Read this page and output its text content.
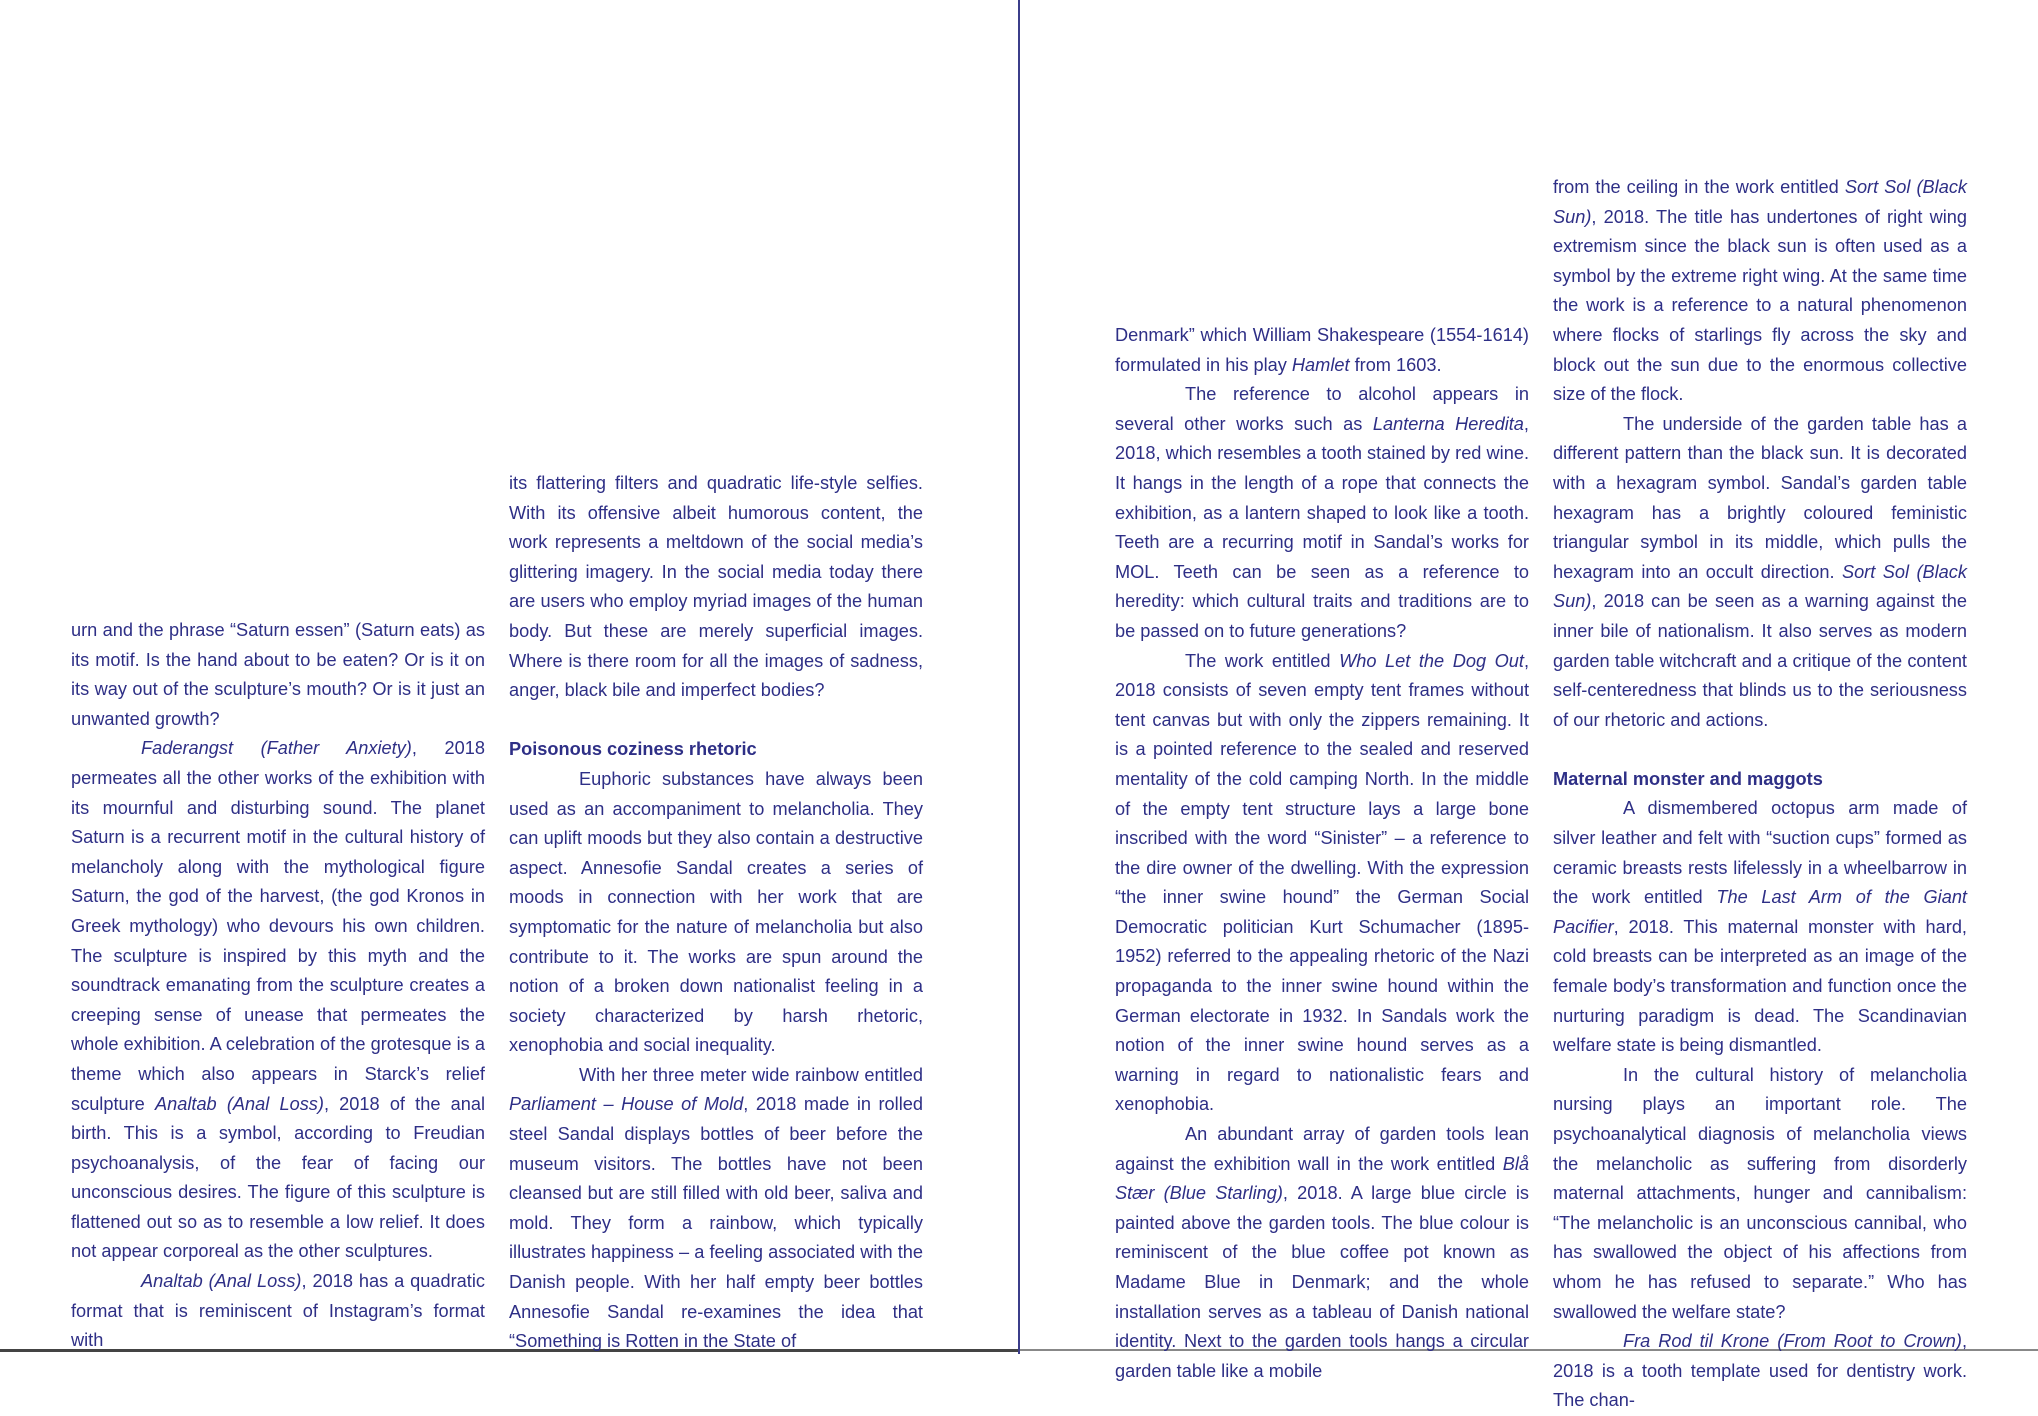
urn and the phrase “Saturn essen” (Saturn eats) as its motif. Is the hand about to be eaten? Or is it on its way out of the sculpture’s mouth? Or is it just an unwanted growth?

Faderangst (Father Anxiety), 2018 permeates all the other works of the exhibition with its mournful and disturbing sound. The planet Saturn is a recurrent motif in the cultural history of melancholy along with the mythological figure Saturn, the god of the harvest, (the god Kronos in Greek mythology) who devours his own children. The sculpture is inspired by this myth and the soundtrack emanating from the sculpture creates a creeping sense of unease that permeates the whole exhibition. A celebration of the grotesque is a theme which also appears in Starck’s relief sculpture Analtab (Anal Loss), 2018 of the anal birth. This is a symbol, according to Freudian psychoanalysis, of the fear of facing our unconscious desires. The figure of this sculpture is flattened out so as to resemble a low relief. It does not appear corporeal as the other sculptures.

Analtab (Anal Loss), 2018 has a quadratic format that is reminiscent of Instagram’s format with

its flattering filters and quadratic life-style selfies. With its offensive albeit humorous content, the work represents a meltdown of the social media’s glittering imagery. In the social media today there are users who employ myriad images of the human body. But these are merely superficial images. Where is there room for all the images of sadness, anger, black bile and imperfect bodies?

Poisonous coziness rhetoric

Euphoric substances have always been used as an accompaniment to melancholia. They can uplift moods but they also contain a destructive aspect. Annesofie Sandal creates a series of moods in connection with her work that are symptomatic for the nature of melancholia but also contribute to it. The works are spun around the notion of a broken down nationalist feeling in a society characterized by harsh rhetoric, xenophobia and social inequality.

With her three meter wide rainbow entitled Parliament – House of Mold, 2018 made in rolled steel Sandal displays bottles of beer before the museum visitors. The bottles have not been cleansed but are still filled with old beer, saliva and mold. They form a rainbow, which typically illustrates happiness – a feeling associated with the Danish people. With her half empty beer bottles Annesofie Sandal re-examines the idea that “Something is Rotten in the State of

Denmark” which William Shakespeare (1554-1614) formulated in his play Hamlet from 1603.

The reference to alcohol appears in several other works such as Lanterna Heredita, 2018, which resembles a tooth stained by red wine. It hangs in the length of a rope that connects the exhibition, as a lantern shaped to look like a tooth. Teeth are a recurring motif in Sandal’s works for MOL. Teeth can be seen as a reference to heredity: which cultural traits and traditions are to be passed on to future generations?

The work entitled Who Let the Dog Out, 2018 consists of seven empty tent frames without tent canvas but with only the zippers remaining. It is a pointed reference to the sealed and reserved mentality of the cold camping North. In the middle of the empty tent structure lays a large bone inscribed with the word “Sinister” – a reference to the dire owner of the dwelling. With the expression “the inner swine hound” the German Social Democratic politician Kurt Schumacher (1895-1952) referred to the appealing rhetoric of the Nazi propaganda to the inner swine hound within the German electorate in 1932. In Sandals work the notion of the inner swine hound serves as a warning in regard to nationalistic fears and xenophobia.

An abundant array of garden tools lean against the exhibition wall in the work entitled Blå Stær (Blue Starling), 2018. A large blue circle is painted above the garden tools. The blue colour is reminiscent of the blue coffee pot known as Madame Blue in Denmark; and the whole installation serves as a tableau of Danish national identity. Next to the garden tools hangs a circular garden table like a mobile

from the ceiling in the work entitled Sort Sol (Black Sun), 2018. The title has undertones of right wing extremism since the black sun is often used as a symbol by the extreme right wing. At the same time the work is a reference to a natural phenomenon where flocks of starlings fly across the sky and block out the sun due to the enormous collective size of the flock.

The underside of the garden table has a different pattern than the black sun. It is decorated with a hexagram symbol. Sandal’s garden table hexagram has a brightly coloured feministic triangular symbol in its middle, which pulls the hexagram into an occult direction. Sort Sol (Black Sun), 2018 can be seen as a warning against the inner bile of nationalism. It also serves as modern garden table witchcraft and a critique of the content self-centeredness that blinds us to the seriousness of our rhetoric and actions.

Maternal monster and maggots

A dismembered octopus arm made of silver leather and felt with “suction cups” formed as ceramic breasts rests lifelessly in a wheelbarrow in the work entitled The Last Arm of the Giant Pacifier, 2018. This maternal monster with hard, cold breasts can be interpreted as an image of the female body’s transformation and function once the nurturing paradigm is dead. The Scandinavian welfare state is being dismantled.

In the cultural history of melancholia nursing plays an important role. The psychoanalytical diagnosis of melancholia views the melancholic as suffering from disorderly maternal attachments, hunger and cannibalism: “The melancholic is an unconscious cannibal, who has swallowed the object of his affections from whom he has refused to separate.” Who has swallowed the welfare state?

Fra Rod til Krone (From Root to Crown), 2018 is a tooth template used for dentistry work. The chan-
